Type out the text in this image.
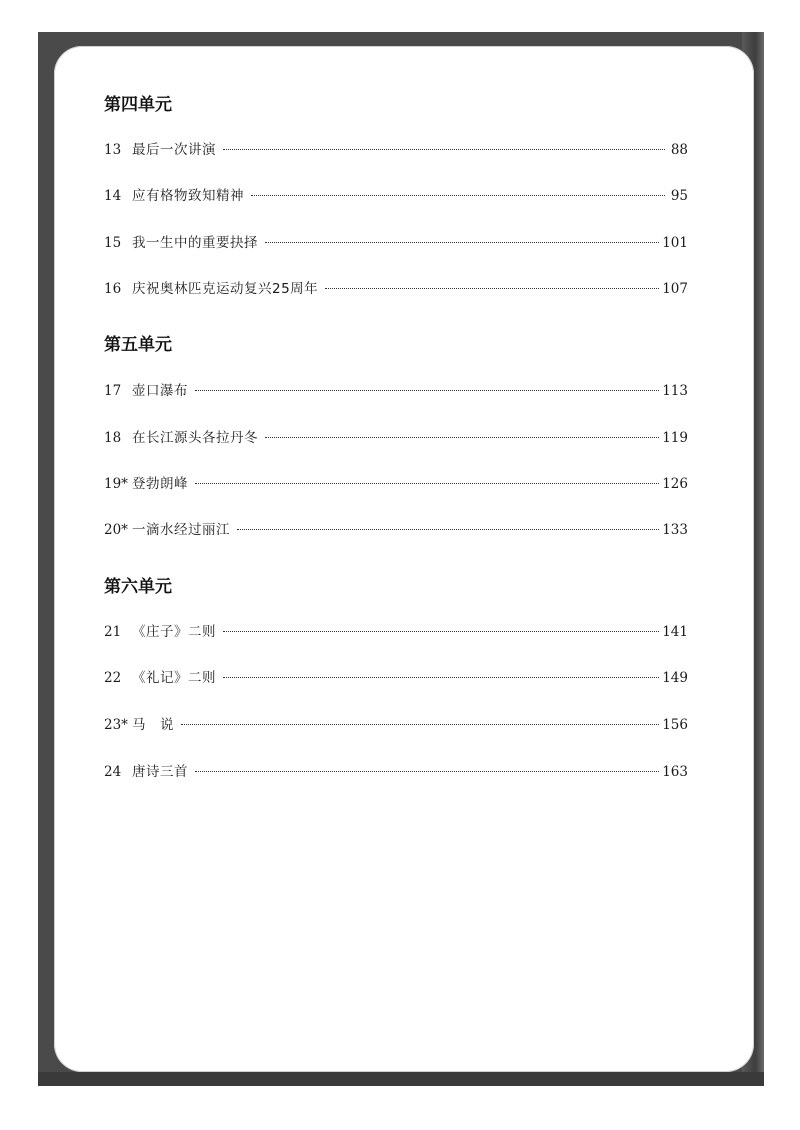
第四单元
13 最后一次讲演	88
14 应有格物致知精神	95
15 我一生中的重要抉择	101
16 庆祝奥林匹克运动复兴25周年	107
第五单元
17 壶口瀑布	113
18 在长江源头各拉丹冬	119
19* 登勃朗峰	126
20* 一滴水经过丽江	133
第六单元
21 《庄子》二则	141
22 《礼记》二则	149
23* 马　说	156
24 唐诗三首	163
